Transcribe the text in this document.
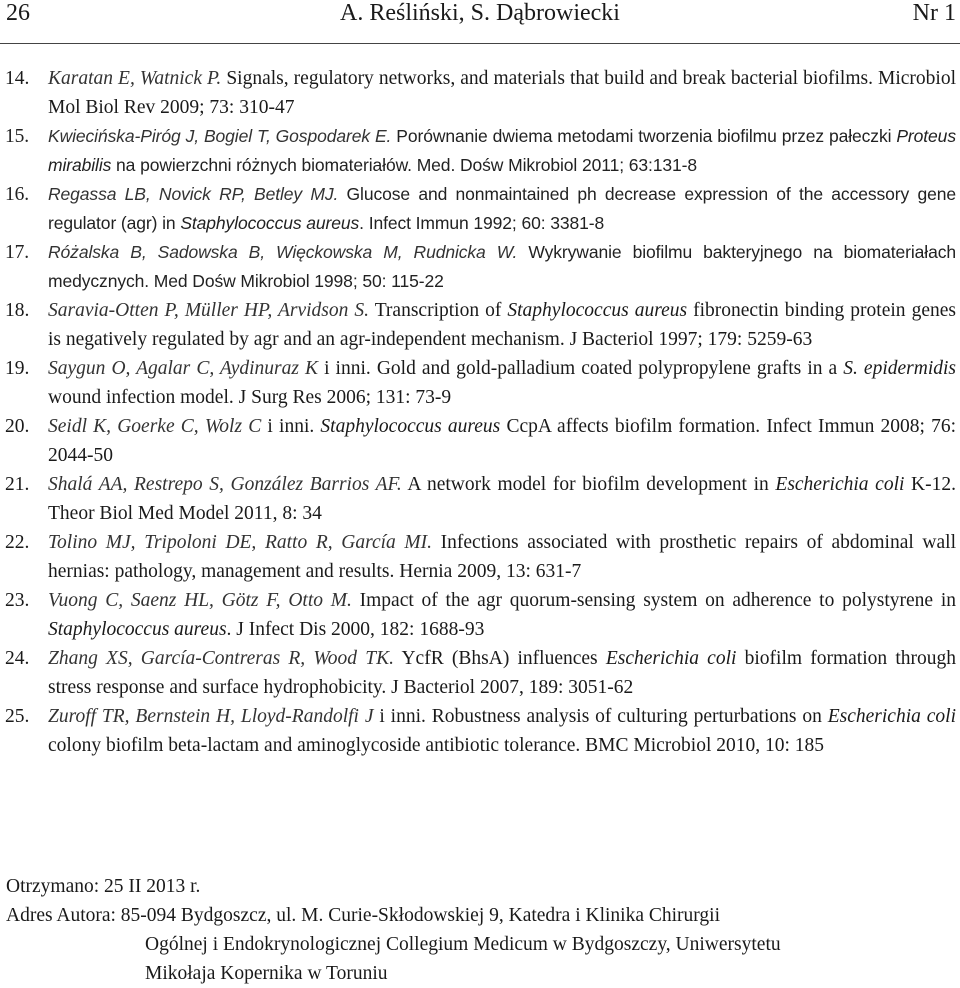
26	A. Reśliński, S. Dąbrowiecki	Nr 1
14. Karatan E, Watnick P. Signals, regulatory networks, and materials that build and break bacterial biofilms. Microbiol Mol Biol Rev 2009; 73: 310-47
15. Kwiecińska-Piróg J, Bogiel T, Gospodarek E. Porównanie dwiema metodami tworzenia biofilmu przez pałeczki Proteus mirabilis na powierzchni różnych biomateriałów. Med. Dośw Mikrobiol 2011; 63:131-8
16. Regassa LB, Novick RP, Betley MJ. Glucose and nonmaintained ph decrease expression of the accessory gene regulator (agr) in Staphylococcus aureus. Infect Immun 1992; 60: 3381-8
17. Różalska B, Sadowska B, Więckowska M, Rudnicka W. Wykrywanie biofilmu bakteryjnego na biomateriałach medycznych. Med Dośw Mikrobiol 1998; 50: 115-22
18. Saravia-Otten P, Müller HP, Arvidson S. Transcription of Staphylococcus aureus fibronectin binding protein genes is negatively regulated by agr and an agr-independent mechanism. J Bacteriol 1997; 179: 5259-63
19. Saygun O, Agalar C, Aydinuraz K i inni. Gold and gold-palladium coated polypropylene grafts in a S. epidermidis wound infection model. J Surg Res 2006; 131: 73-9
20. Seidl K, Goerke C, Wolz C i inni. Staphylococcus aureus CcpA affects biofilm formation. Infect Immun 2008; 76: 2044-50
21. Shalá AA, Restrepo S, González Barrios AF. A network model for biofilm development in Escherichia coli K-12. Theor Biol Med Model 2011, 8: 34
22. Tolino MJ, Tripoloni DE, Ratto R, García MI. Infections associated with prosthetic repairs of abdominal wall hernias: pathology, management and results. Hernia 2009, 13: 631-7
23. Vuong C, Saenz HL, Götz F, Otto M. Impact of the agr quorum-sensing system on adherence to polystyrene in Staphylococcus aureus. J Infect Dis 2000, 182: 1688-93
24. Zhang XS, García-Contreras R, Wood TK. YcfR (BhsA) influences Escherichia coli biofilm formation through stress response and surface hydrophobicity. J Bacteriol 2007, 189: 3051-62
25. Zuroff TR, Bernstein H, Lloyd-Randolfi J i inni. Robustness analysis of culturing perturbations on Escherichia coli colony biofilm beta-lactam and aminoglycoside antibiotic tolerance. BMC Microbiol 2010, 10: 185
Otrzymano: 25 II 2013 r.
Adres Autora: 85-094 Bydgoszcz, ul. M. Curie-Skłodowskiej 9, Katedra i Klinika Chirurgii
Ogólnej i Endokrynologicznej Collegium Medicum w Bydgoszczy, Uniwersytetu
Mikołaja Kopernika w Toruniu
